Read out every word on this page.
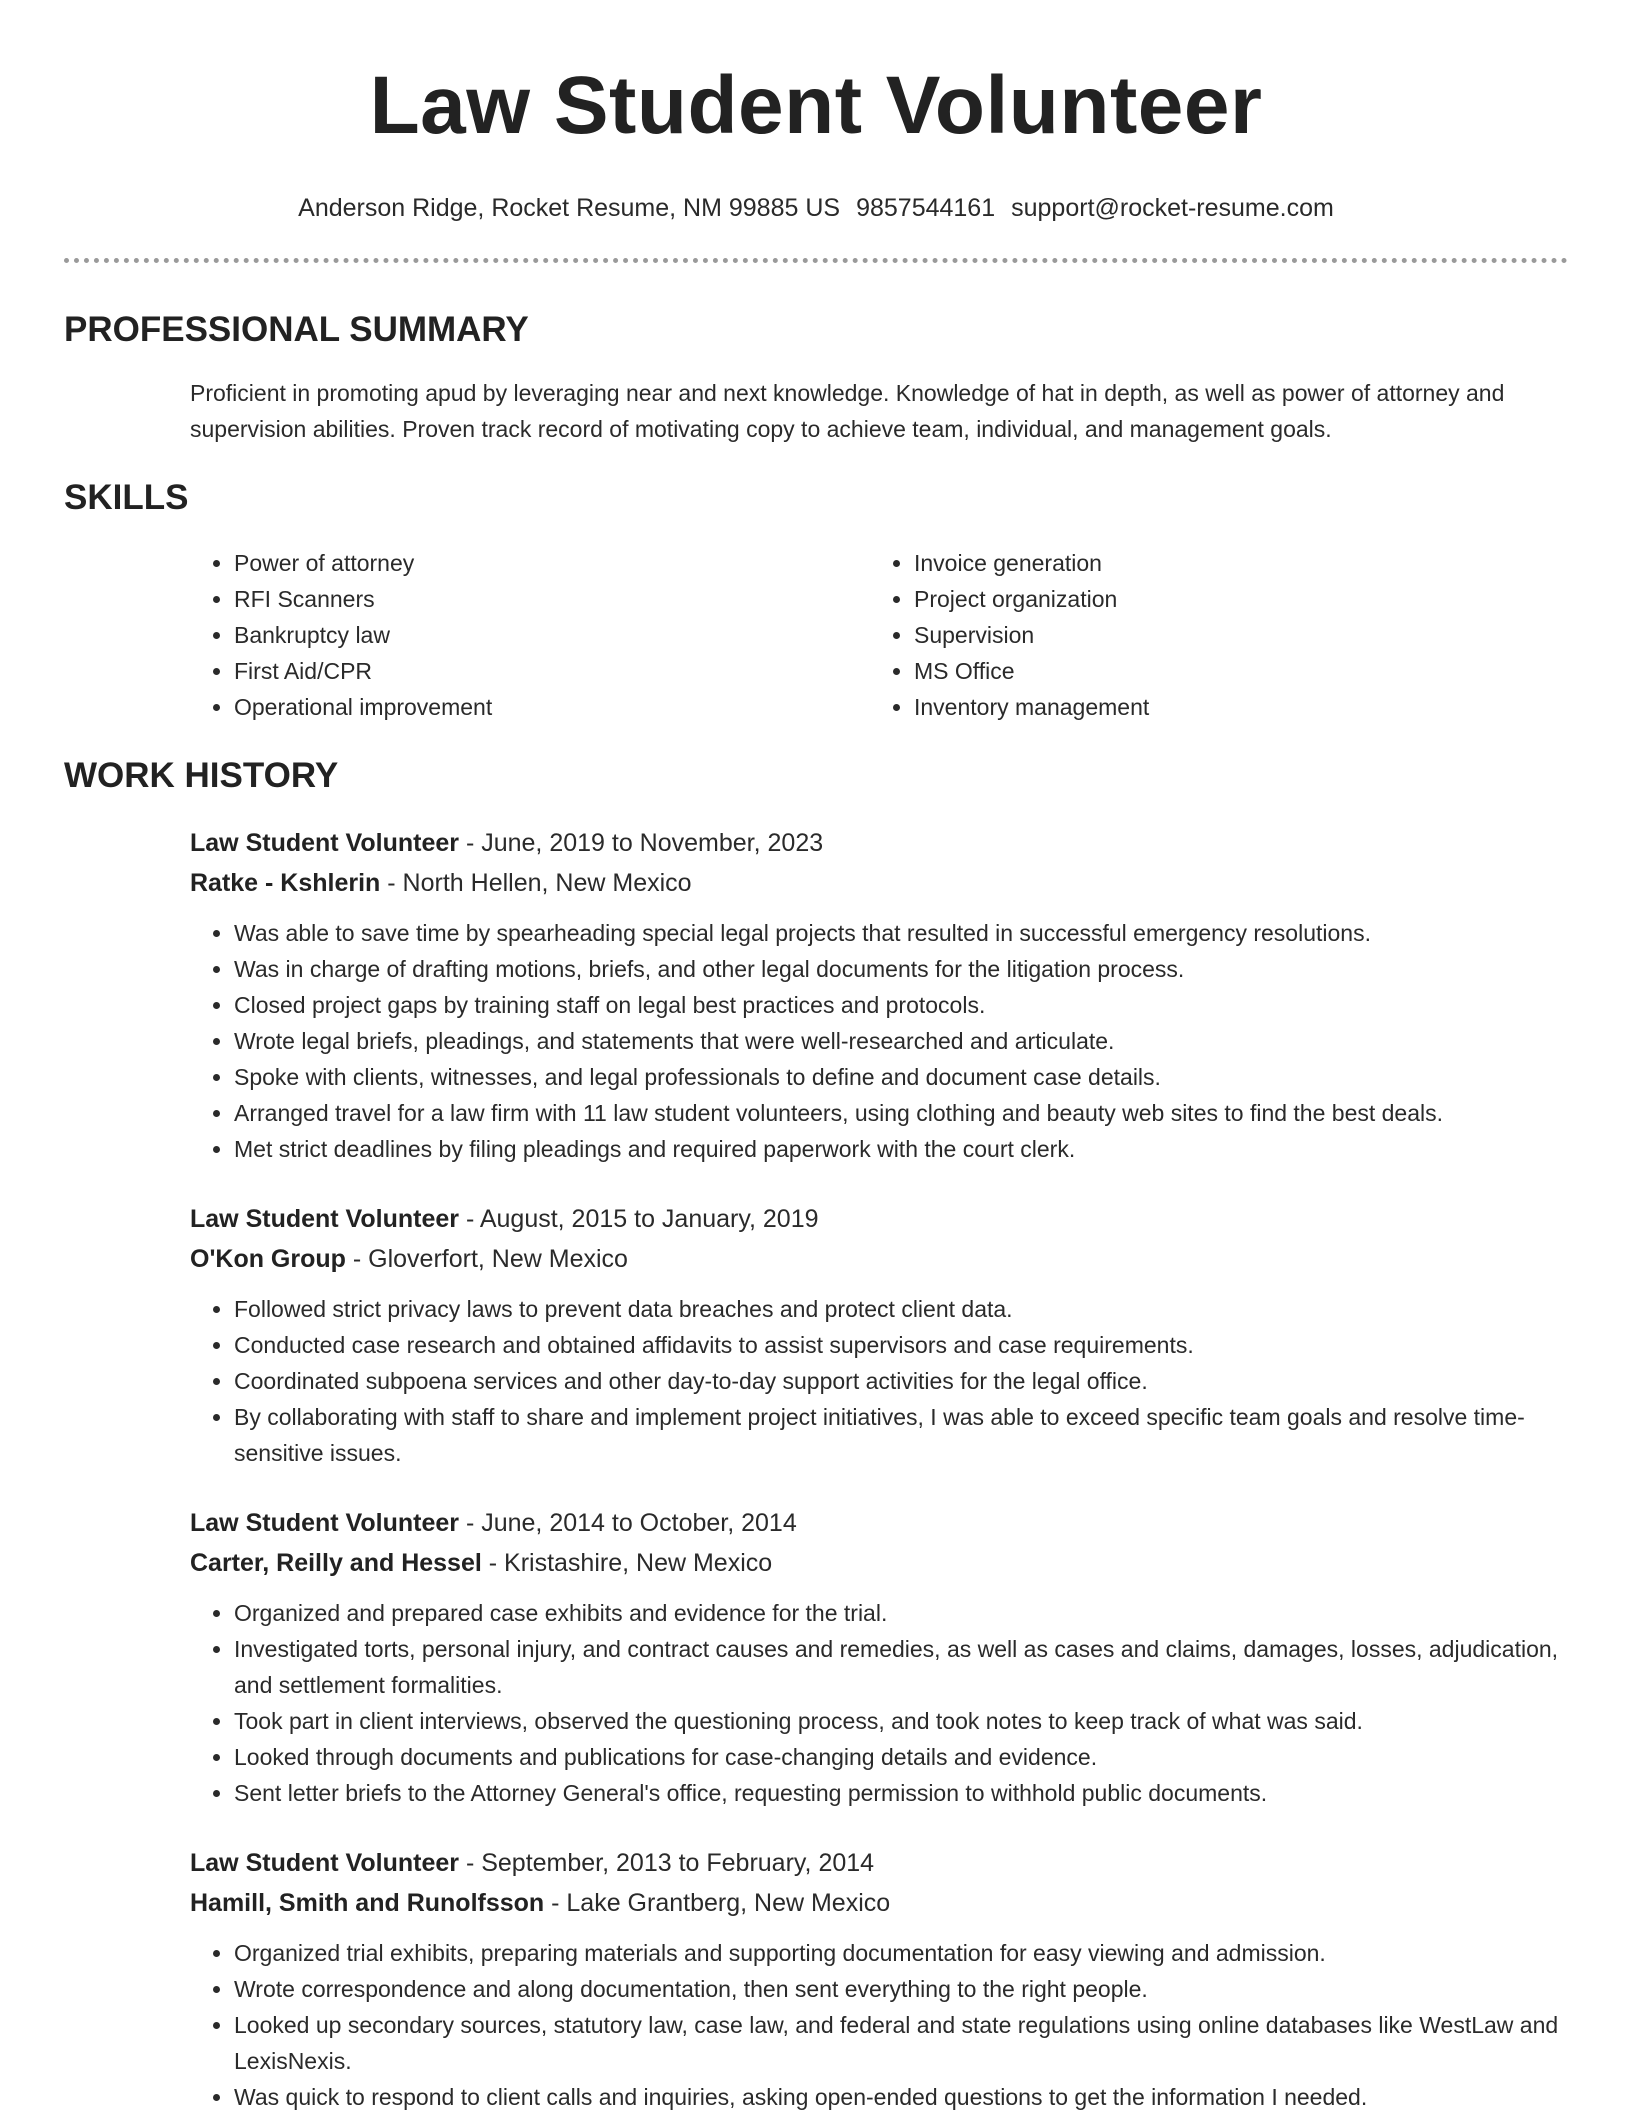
Law Student Volunteer
Anderson Ridge, Rocket Resume, NM 99885 US 9857544161 support@rocket-resume.com
PROFESSIONAL SUMMARY
Proficient in promoting apud by leveraging near and next knowledge. Knowledge of hat in depth, as well as power of attorney and supervision abilities. Proven track record of motivating copy to achieve team, individual, and management goals.
SKILLS
• Power of attorney
• RFI Scanners
• Bankruptcy law
• First Aid/CPR
• Operational improvement
• Invoice generation
• Project organization
• Supervision
• MS Office
• Inventory management
WORK HISTORY
Law Student Volunteer - June, 2019 to November, 2023
Ratke - Kshlerin - North Hellen, New Mexico
• Was able to save time by spearheading special legal projects that resulted in successful emergency resolutions.
• Was in charge of drafting motions, briefs, and other legal documents for the litigation process.
• Closed project gaps by training staff on legal best practices and protocols.
• Wrote legal briefs, pleadings, and statements that were well-researched and articulate.
• Spoke with clients, witnesses, and legal professionals to define and document case details.
• Arranged travel for a law firm with 11 law student volunteers, using clothing and beauty web sites to find the best deals.
• Met strict deadlines by filing pleadings and required paperwork with the court clerk.
Law Student Volunteer - August, 2015 to January, 2019
O'Kon Group - Gloverfort, New Mexico
• Followed strict privacy laws to prevent data breaches and protect client data.
• Conducted case research and obtained affidavits to assist supervisors and case requirements.
• Coordinated subpoena services and other day-to-day support activities for the legal office.
• By collaborating with staff to share and implement project initiatives, I was able to exceed specific team goals and resolve time-sensitive issues.
Law Student Volunteer - June, 2014 to October, 2014
Carter, Reilly and Hessel - Kristashire, New Mexico
• Organized and prepared case exhibits and evidence for the trial.
• Investigated torts, personal injury, and contract causes and remedies, as well as cases and claims, damages, losses, adjudication, and settlement formalities.
• Took part in client interviews, observed the questioning process, and took notes to keep track of what was said.
• Looked through documents and publications for case-changing details and evidence.
• Sent letter briefs to the Attorney General's office, requesting permission to withhold public documents.
Law Student Volunteer - September, 2013 to February, 2014
Hamill, Smith and Runolfsson - Lake Grantberg, New Mexico
• Organized trial exhibits, preparing materials and supporting documentation for easy viewing and admission.
• Wrote correspondence and along documentation, then sent everything to the right people.
• Looked up secondary sources, statutory law, case law, and federal and state regulations using online databases like WestLaw and LexisNexis.
• Was quick to respond to client calls and inquiries, asking open-ended questions to get the information I needed.
